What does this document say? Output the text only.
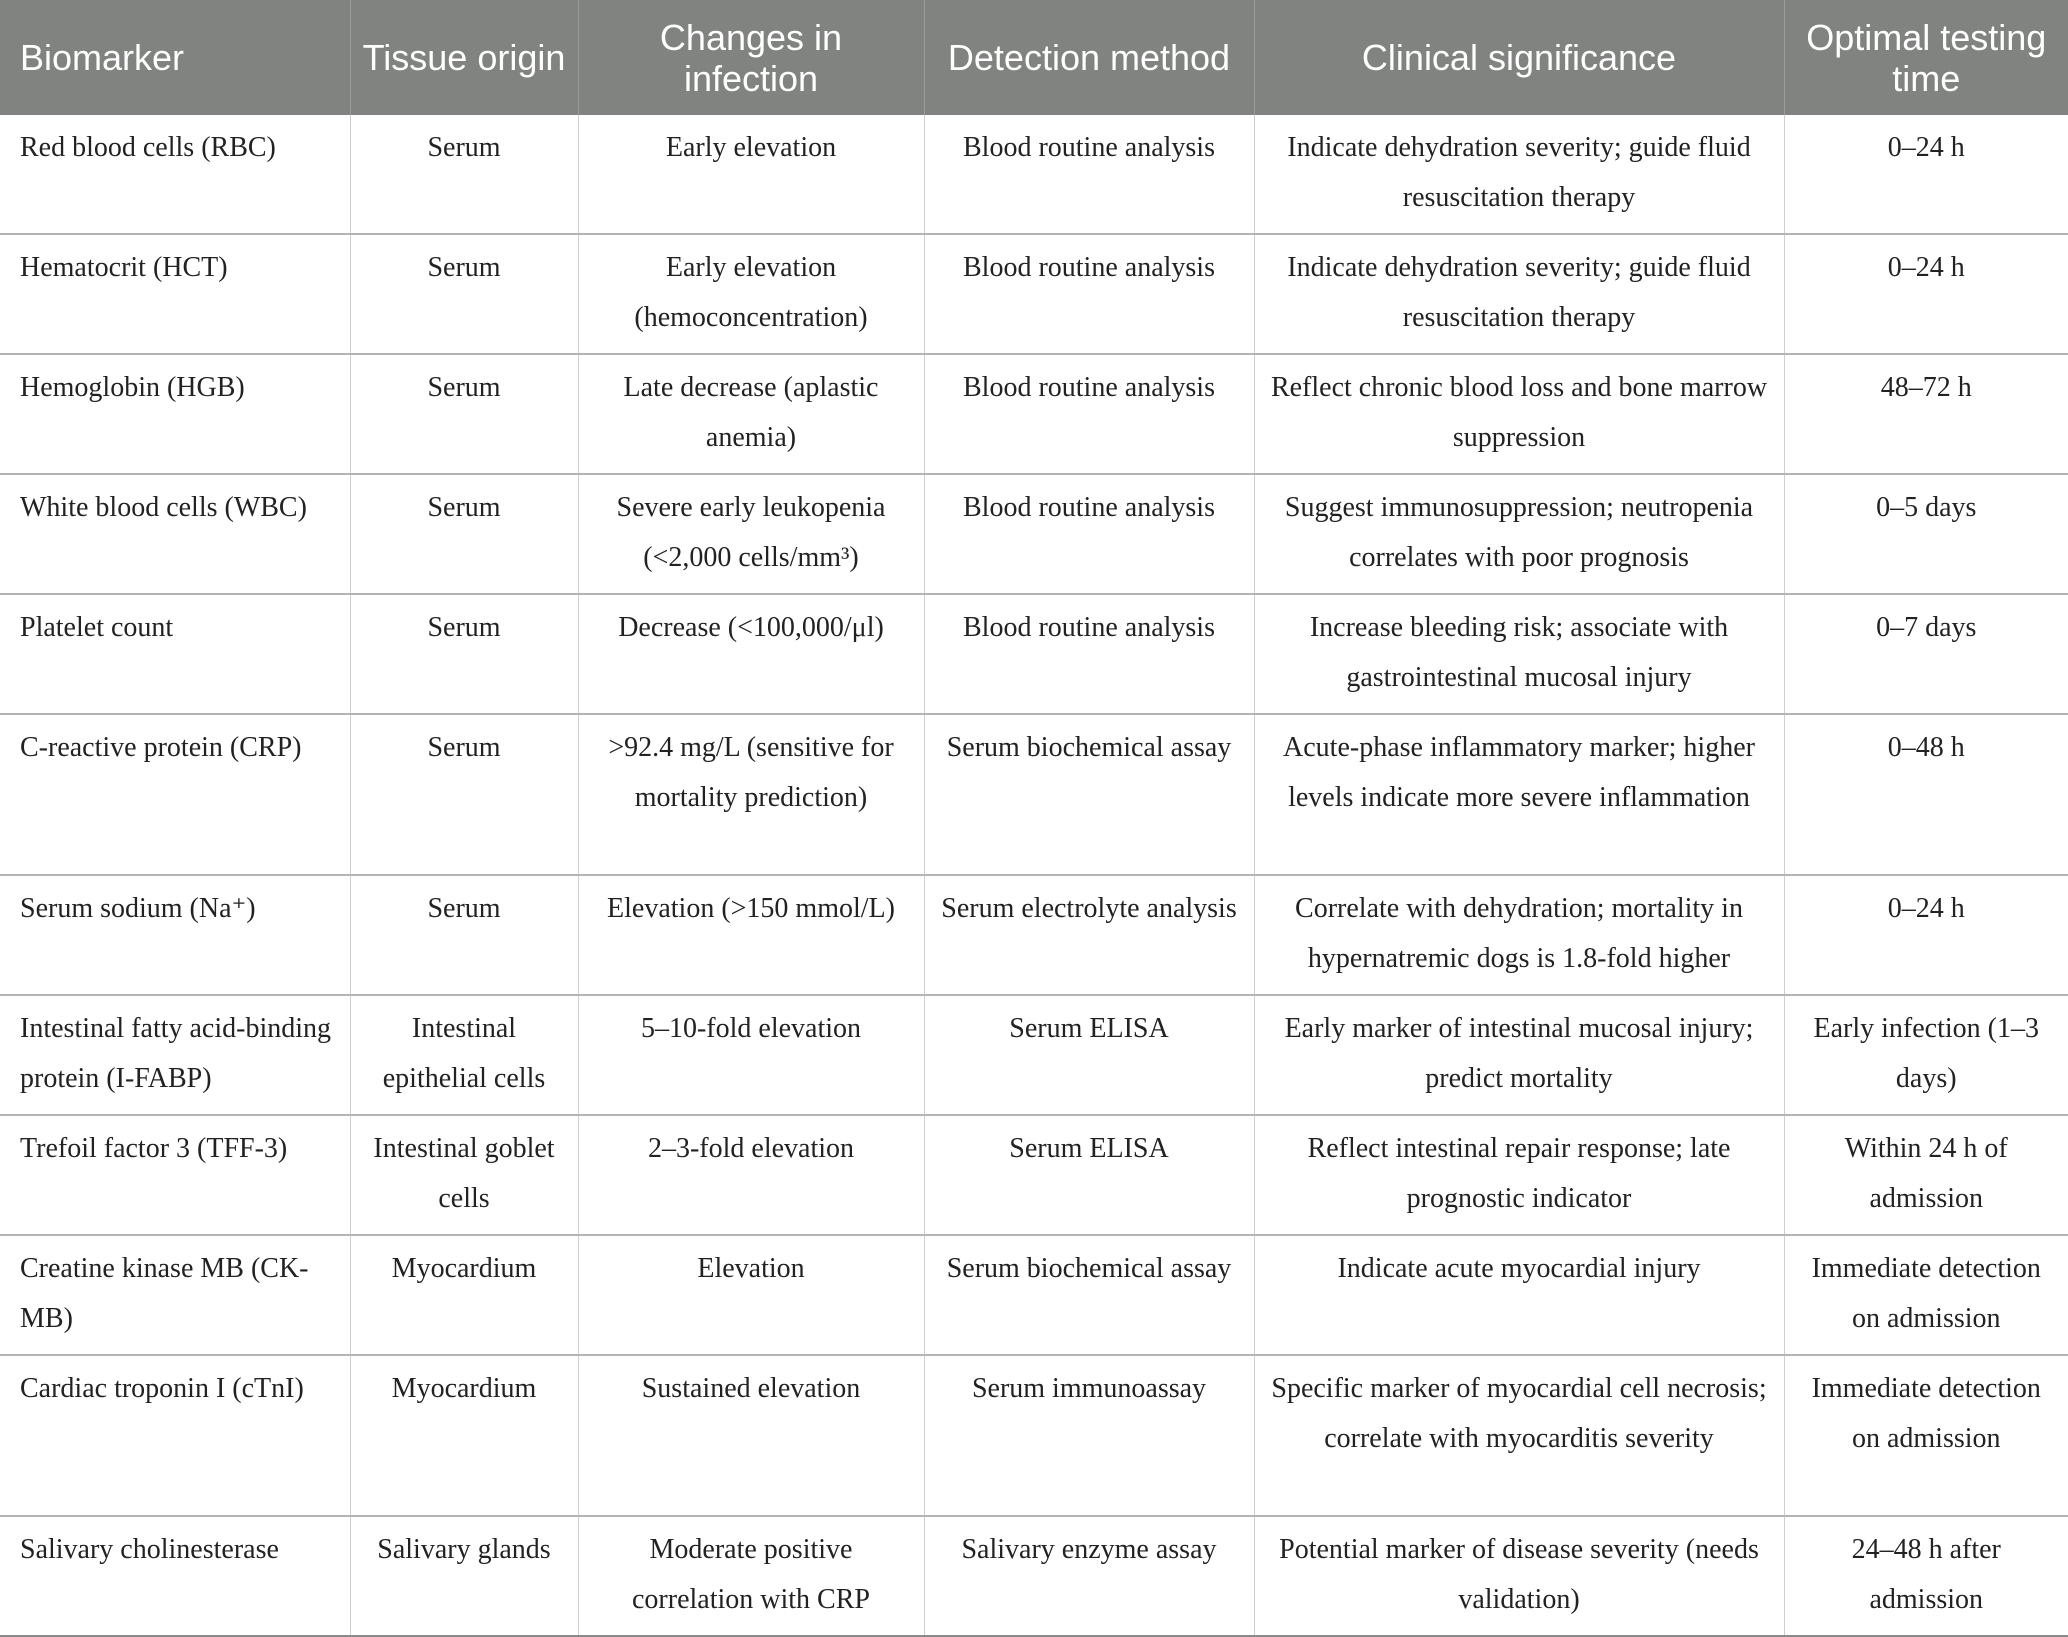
Biomarker	Tissue origin	Changes in infection	Detection method	Clinical significance	Optimal testing time
Red blood cells (RBC)	Serum	Early elevation	Blood routine analysis	Indicate dehydration severity; guide fluid resuscitation therapy	0–24 h
Hematocrit (HCT)	Serum	Early elevation (hemoconcentration)	Blood routine analysis	Indicate dehydration severity; guide fluid resuscitation therapy	0–24 h
Hemoglobin (HGB)	Serum	Late decrease (aplastic anemia)	Blood routine analysis	Reflect chronic blood loss and bone marrow suppression	48–72 h
White blood cells (WBC)	Serum	Severe early leukopenia (<2,000 cells/mm³)	Blood routine analysis	Suggest immunosuppression; neutropenia correlates with poor prognosis	0–5 days
Platelet count	Serum	Decrease (<100,000/μl)	Blood routine analysis	Increase bleeding risk; associate with gastrointestinal mucosal injury	0–7 days
C-reactive protein (CRP)	Serum	>92.4 mg/L (sensitive for mortality prediction)	Serum biochemical assay	Acute-phase inflammatory marker; higher levels indicate more severe inflammation	0–48 h
Serum sodium (Na⁺)	Serum	Elevation (>150 mmol/L)	Serum electrolyte analysis	Correlate with dehydration; mortality in hypernatremic dogs is 1.8-fold higher	0–24 h
Intestinal fatty acid-binding protein (I-FABP)	Intestinal epithelial cells	5–10-fold elevation	Serum ELISA	Early marker of intestinal mucosal injury; predict mortality	Early infection (1–3 days)
Trefoil factor 3 (TFF-3)	Intestinal goblet cells	2–3-fold elevation	Serum ELISA	Reflect intestinal repair response; late prognostic indicator	Within 24 h of admission
Creatine kinase MB (CK-MB)	Myocardium	Elevation	Serum biochemical assay	Indicate acute myocardial injury	Immediate detection on admission
Cardiac troponin I (cTnI)	Myocardium	Sustained elevation	Serum immunoassay	Specific marker of myocardial cell necrosis; correlate with myocarditis severity	Immediate detection on admission
Salivary cholinesterase	Salivary glands	Moderate positive correlation with CRP	Salivary enzyme assay	Potential marker of disease severity (needs validation)	24–48 h after admission
